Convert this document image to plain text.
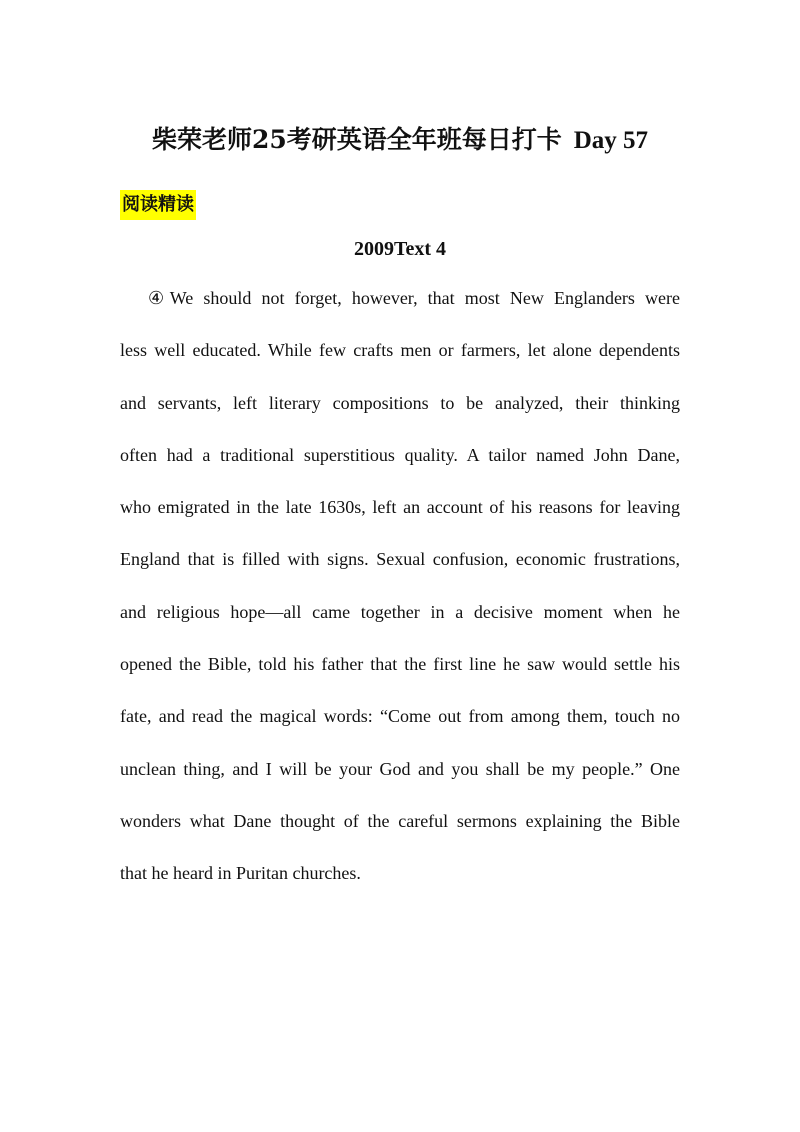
柴荣老师25考研英语全年班每日打卡 Day 57
阅读精读
2009Text 4
④We should not forget, however, that most New Englanders were
less well educated. While few crafts men or farmers, let alone dependents
and servants, left literary compositions to be analyzed, their thinking
often had a traditional superstitious quality. A tailor named John Dane,
who emigrated in the late 1630s, left an account of his reasons for leaving
England that is filled with signs. Sexual confusion, economic frustrations,
and religious hope—all came together in a decisive moment when he
opened the Bible, told his father that the first line he saw would settle his
fate, and read the magical words: “Come out from among them, touch no
unclean thing, and I will be your God and you shall be my people.” One
wonders what Dane thought of the careful sermons explaining the Bible
that he heard in Puritan churches.
